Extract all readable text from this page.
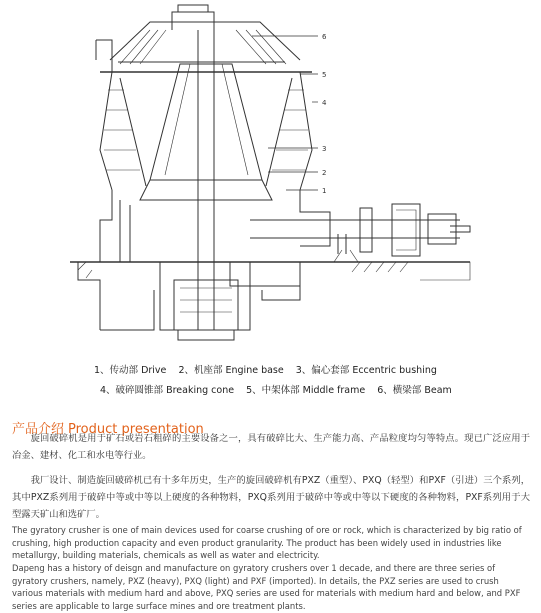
6
5
4
3
2
1
1、传动部 Drive 2、机座部 Engine base 3、偏心套部 Eccentric bushing
4、破碎圆锥部 Breaking cone 5、中架体部 Middle frame 6、横梁部 Beam
产品介绍 Product presentation

旋回破碎机是用于矿石或岩石粗碎的主要设备之一，具有破碎比大、生产能力高、产品粒度均匀等特点。现已广泛应用于冶金、建材、化工和水电等行业。

我厂设计、制造旋回破碎机已有十多年历史，生产的旋回破碎机有PXZ（重型）、PXQ（轻型）和PXF（引进）三个系列，其中PXZ系列用于破碎中等或中等以上硬度的各种物料，PXQ系列用于破碎中等或中等以下硬度的各种物料，PXF系列用于大型露天矿山和选矿厂。

The gyratory crusher is one of main devices used for coarse crushing of ore or rock, which is characterized by big ratio of crushing, high production capacity and even product granularity. The product has been widely used in industries like metallurgy, building materials, chemicals as well as water and electricity.

Dapeng has a history of deisgn and manufacture on gyratory crushers over 1 decade, and there are three series of gyratory crushers, namely, PXZ (heavy), PXQ (light) and PXF (imported). In details, the PXZ series are used to crush various materials with medium hard and above, PXQ series are used for materials with medium hard and below, and PXF series are applicable to large surface mines and ore treatment plants.
